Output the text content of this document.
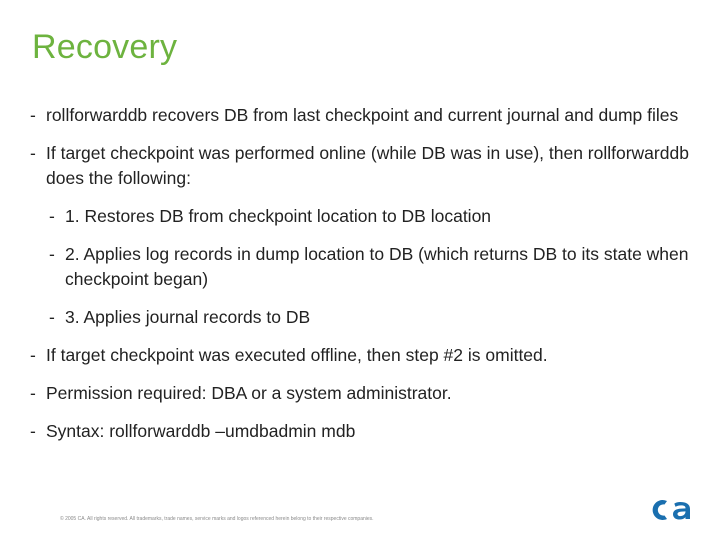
Recovery
- rollforwarddb recovers DB from last checkpoint and current journal and dump files
- If target checkpoint was performed online (while DB was in use), then rollforwarddb does the following:
- 1. Restores DB from checkpoint location to DB location
- 2. Applies log records in dump location to DB (which returns DB to its state when checkpoint began)
- 3. Applies journal records to DB
- If target checkpoint was executed offline, then step #2 is omitted.
- Permission required: DBA or a system administrator.
- Syntax: rollforwarddb –umdbadmin mdb
© 2005 CA. All rights reserved. All trademarks, trade names, service marks and logos referenced herein belong to their respective companies.
